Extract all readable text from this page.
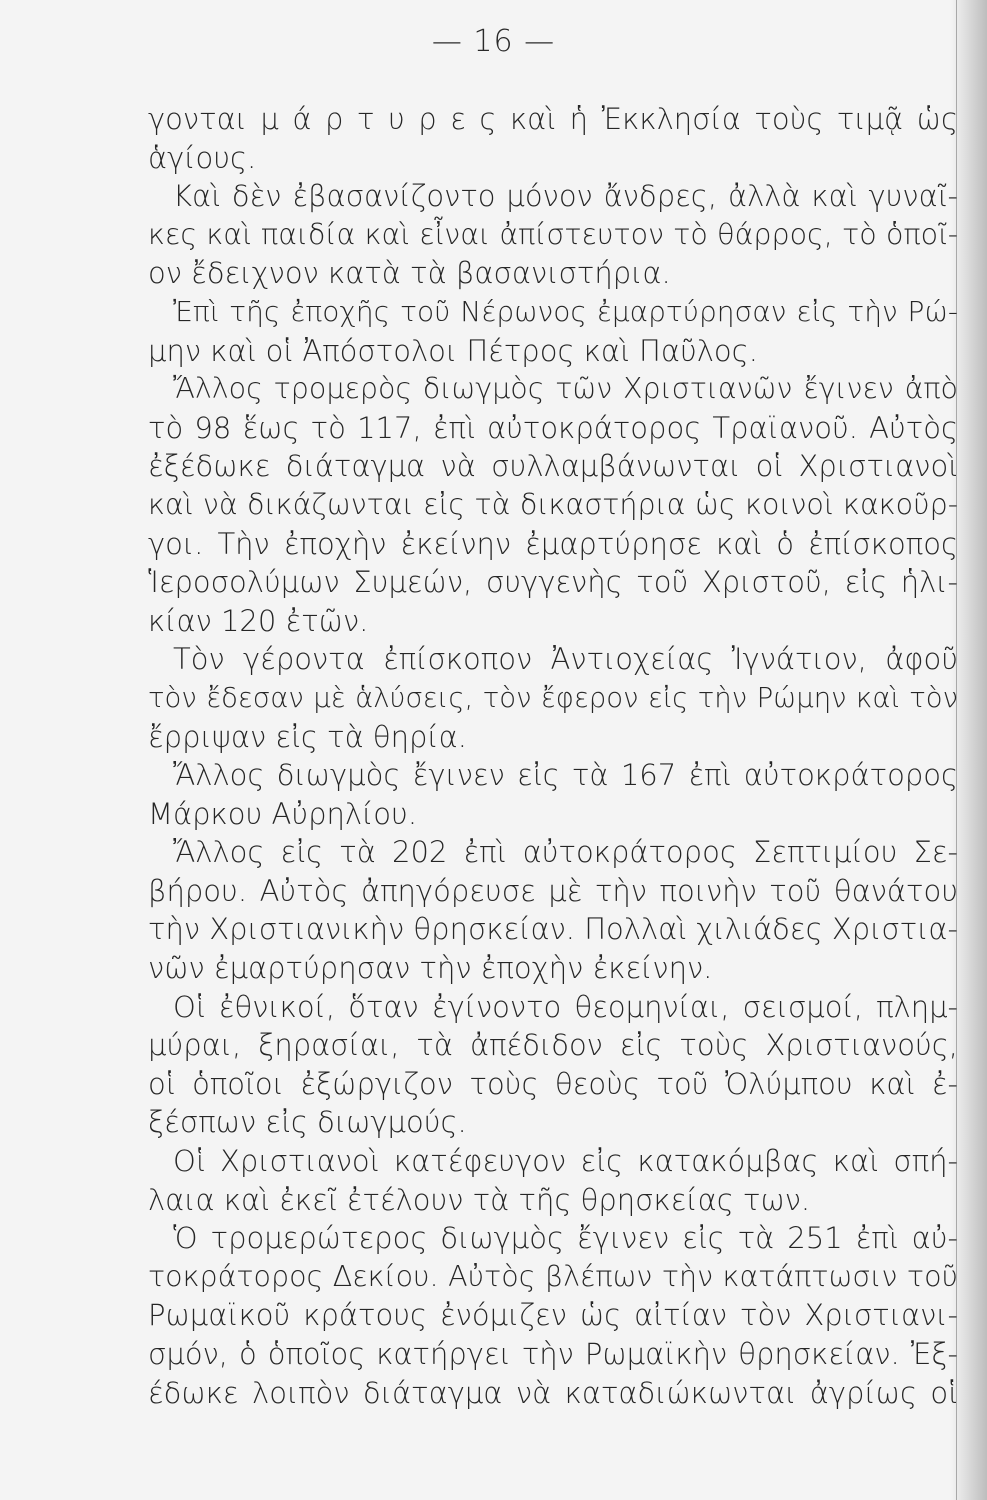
— 16 —
γονται μ ά ρ τ υ ρ ε ς καὶ ἡ Ἐκκλησία τοὺς τιμᾷ ὡς
ἁγίους.
Καὶ δὲν ἐβασανίζοντο μόνον ἄνδρες, ἀλλὰ καὶ γυναῖ-
κες καὶ παιδία καὶ εἶναι ἀπίστευτον τὸ θάρρος, τὸ ὁποῖ-
ον ἔδειχνον κατὰ τὰ βασανιστήρια.
Ἐπὶ τῆς ἐποχῆς τοῦ Νέρωνος ἐμαρτύρησαν εἰς τὴν Ρώ-
μην καὶ οἱ Ἀπόστολοι Πέτρος καὶ Παῦλος.
Ἄλλος τρομερὸς διωγμὸς τῶν Χριστιανῶν ἔγινεν ἀπὸ
τὸ 98 ἕως τὸ 117, ἐπὶ αὐτοκράτορος Τραϊανοῦ. Αὐτὸς
ἐξέδωκε διάταγμα νὰ συλλαμβάνωνται οἱ Χριστιανοὶ
καὶ νὰ δικάζωνται εἰς τὰ δικαστήρια ὡς κοινοὶ κακοῦρ-
γοι. Τὴν ἐποχὴν ἐκείνην ἐμαρτύρησε καὶ ὁ ἐπίσκοπος
Ἱεροσολύμων Συμεών, συγγενὴς τοῦ Χριστοῦ, εἰς ἡλι-
κίαν 120 ἐτῶν.
Τὸν γέροντα ἐπίσκοπον Ἀντιοχείας Ἰγνάτιον, ἀφοῦ
τὸν ἔδεσαν μὲ ἁλύσεις, τὸν ἔφερον εἰς τὴν Ρώμην καὶ τὸν
ἔρριψαν εἰς τὰ θηρία.
Ἄλλος διωγμὸς ἔγινεν εἰς τὰ 167 ἐπὶ αὐτοκράτορος
Μάρκου Αὐρηλίου.
Ἄλλος εἰς τὰ 202 ἐπὶ αὐτοκράτορος Σεπτιμίου Σε-
βήρου. Αὐτὸς ἀπηγόρευσε μὲ τὴν ποινὴν τοῦ θανάτου
τὴν Χριστιανικὴν θρησκείαν. Πολλαὶ χιλιάδες Χριστια-
νῶν ἐμαρτύρησαν τὴν ἐποχὴν ἐκείνην.
Οἱ ἐθνικοί, ὅταν ἐγίνοντο θεομηνίαι, σεισμοί, πλημ-
μύραι, ξηρασίαι, τὰ ἀπέδιδον εἰς τοὺς Χριστιανούς,
οἱ ὁποῖοι ἐξώργιζον τοὺς θεοὺς τοῦ Ὀλύμπου καὶ ἐ-
ξέσπων εἰς διωγμούς.
Οἱ Χριστιανοὶ κατέφευγον εἰς κατακόμβας καὶ σπή-
λαια καὶ ἐκεῖ ἐτέλουν τὰ τῆς θρησκείας των.
Ὁ τρομερώτερος διωγμὸς ἔγινεν εἰς τὰ 251 ἐπὶ αὐ-
τοκράτορος Δεκίου. Αὐτὸς βλέπων τὴν κατάπτωσιν τοῦ
Ρωμαϊκοῦ κράτους ἐνόμιζεν ὡς αἰτίαν τὸν Χριστιανι-
σμόν, ὁ ὁποῖος κατήργει τὴν Ρωμαϊκὴν θρησκείαν. Ἐξ-
έδωκε λοιπὸν διάταγμα νὰ καταδιώκωνται ἀγρίως οἱ
